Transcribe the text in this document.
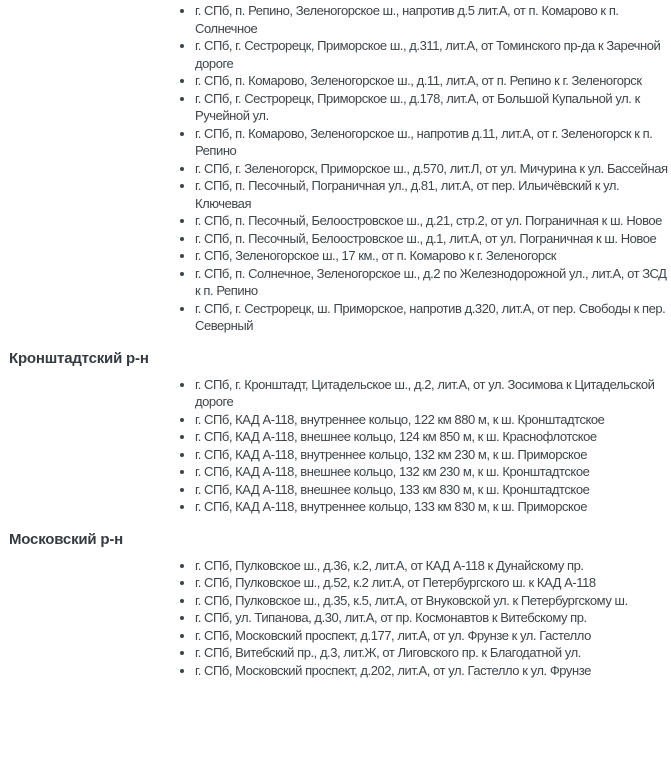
• г. СПб, п. Репино, Зеленогорское ш., напротив д.5 лит.А, от п. Комарово к п. Солнечное
• г. СПб, г. Сестрорецк, Приморское ш., д.311, лит.А, от Томинского пр-да к Заречной дороге
• г. СПб, п. Комарово, Зеленогорское ш., д.11, лит.А, от п. Репино к г. Зеленогорск
• г. СПб, г. Сестрорецк, Приморское ш., д.178, лит.А, от Большой Купальной ул. к Ручейной ул.
• г. СПб, п. Комарово, Зеленогорское ш., напротив д.11, лит.А, от г. Зеленогорск к п. Репино
• г. СПб, г. Зеленогорск, Приморское ш., д.570, лит.Л, от ул. Мичурина к ул. Бассейная
• г. СПб, п. Песочный, Пограничная ул., д.81, лит.А, от пер. Ильичёвский к ул. Ключевая
• г. СПб, п. Песочный, Белоостровское ш., д.21, стр.2, от ул. Пограничная к ш. Новое
• г. СПб, п. Песочный, Белоостровское ш., д.1, лит.А, от ул. Пограничная к ш. Новое
• г. СПб, Зеленогорское ш., 17 км., от п. Комарово к г. Зеленогорск
• г. СПб, п. Солнечное, Зеленогорское ш., д.2 по Железнодорожной ул., лит.А, от ЗСД к п. Репино
• г. СПб, г. Сестрорецк, ш. Приморское, напротив д.320, лит.А, от пер. Свободы к пер. Северный
Кронштадтский р-н
• г. СПб, г. Кронштадт, Цитадельское ш., д.2, лит.А, от ул. Зосимова к Цитадельской дороге
• г. СПб, КАД А-118, внутреннее кольцо, 122 км 880 м, к ш. Кронштадтское
• г. СПб, КАД А-118, внешнее кольцо, 124 км 850 м, к ш. Краснофлотское
• г. СПб, КАД А-118, внутреннее кольцо, 132 км 230 м, к ш. Приморское
• г. СПб, КАД А-118, внешнее кольцо, 132 км 230 м, к ш. Кронштадтское
• г. СПб, КАД А-118, внешнее кольцо, 133 км 830 м, к ш. Кронштадтское
• г. СПб, КАД А-118, внутреннее кольцо, 133 км 830 м, к ш. Приморское
Московский р-н
• г. СПб, Пулковское ш., д.36, к.2, лит.А, от КАД А-118 к Дунайскому пр.
• г. СПб, Пулковское ш., д.52, к.2 лит.А, от Петербургского ш. к КАД А-118
• г. СПб, Пулковское ш., д.35, к.5, лит.А, от Внуковской ул. к Петербургскому ш.
• г. СПб, ул. Типанова, д.30, лит.А, от пр. Космонавтов к Витебскому пр.
• г. СПб, Московский проспект, д.177, лит.А, от ул. Фрунзе к ул. Гастелло
• г. СПб, Витебский пр., д.3, лит.Ж, от Лиговского пр. к Благодатной ул.
• г. СПб, Московский проспект, д.202, лит.А, от ул. Гастелло к ул. Фрунзе
